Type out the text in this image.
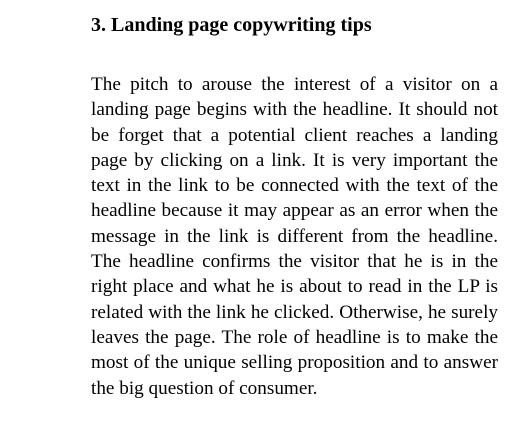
3. Landing page copywriting tips

The pitch to arouse the interest of a visitor on a landing page begins with the headline. It should not be forget that a potential client reaches a landing page by clicking on a link. It is very important the text in the link to be connected with the text of the headline because it may appear as an error when the message in the link is different from the headline. The headline confirms the visitor that he is in the right place and what he is about to read in the LP is related with the link he clicked. Otherwise, he surely leaves the page. The role of headline is to make the most of the unique selling proposition and to answer the big question of consumer.
